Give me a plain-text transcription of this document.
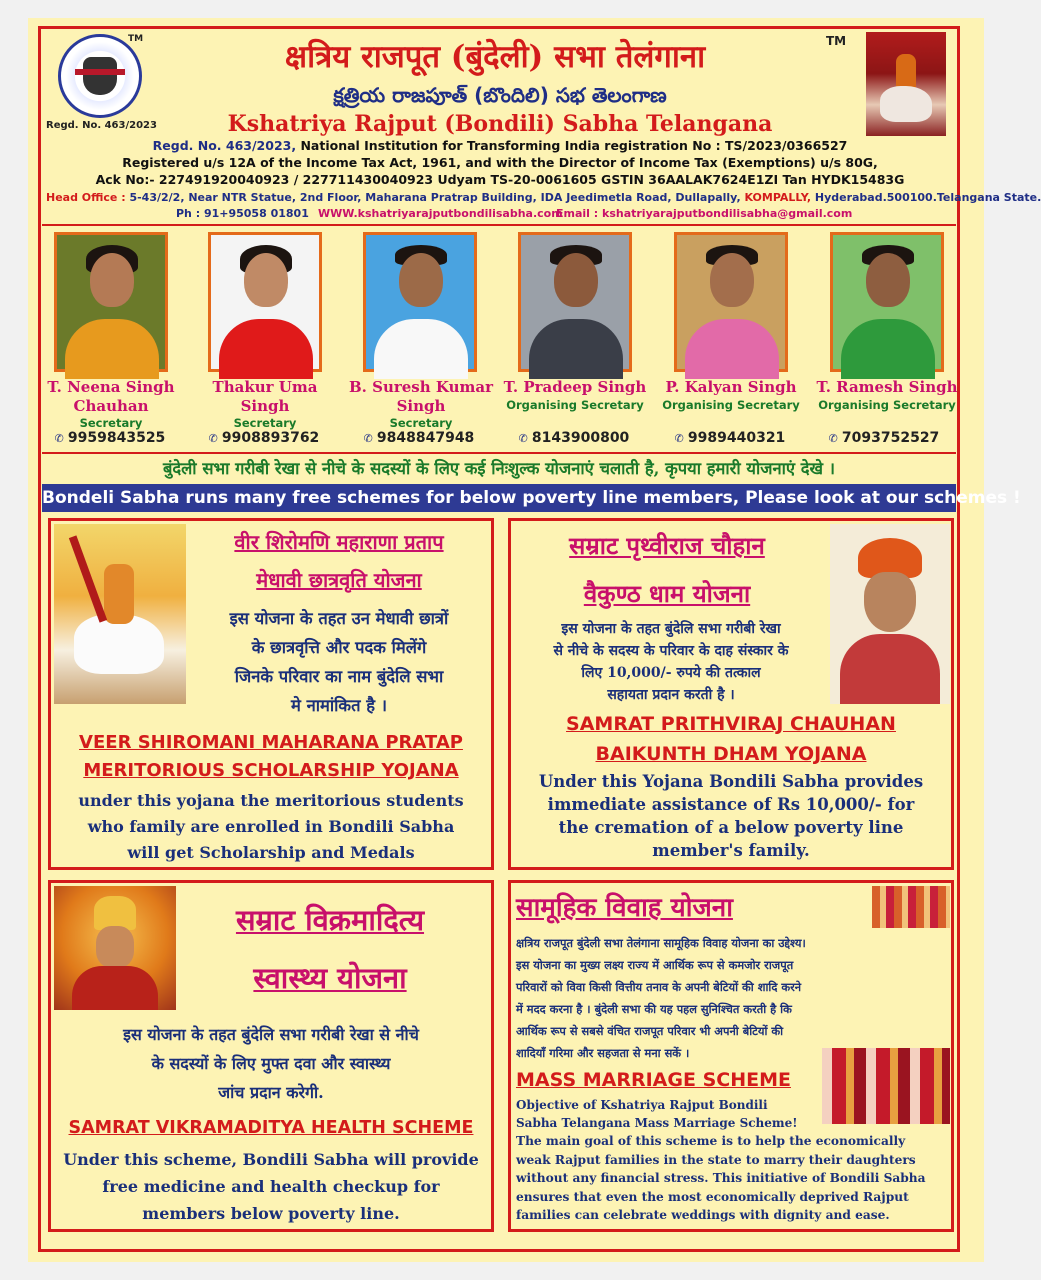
TM
Regd. No. 463/2023
क्षत्रिय राजपूत (बुंदेली) सभा तेलंगाना	TM
క్షత్రియ రాజపూత్ (బొందిలి) సభ తెలంగాణ
Kshatriya Rajput (Bondili) Sabha Telangana
Regd. No. 463/2023, National Institution for Transforming India registration No : TS/2023/0366527
Registered u/s 12A of the Income Tax Act, 1961, and with the Director of Income Tax (Exemptions) u/s 80G,
Ack No:- 227491920040923 / 227711430040923 Udyam TS-20-0061605 GSTIN 36AALAK7624E1ZI Tan HYDK15483G
Head Office : 5-43/2/2, Near NTR Statue, 2nd Floor, Maharana Pratrap Building, IDA Jeedimetla Road, Dullapally, KOMPALLY, Hyderabad.500100.Telangana State.
Ph : 91+95058 01801 WWW.kshatriyarajputbondilisabha.com
Email : kshatriyarajputbondilisabha@gmail.com
T. Neena Singh Chauhan
Secretary
✆ 9959843525
Thakur Uma Singh
Secretary
✆ 9908893762
B. Suresh Kumar Singh
Secretary
✆ 9848847948
T. Pradeep Singh
Organising Secretary
✆ 8143900800
P. Kalyan Singh
Organising Secretary
✆ 9989440321
T. Ramesh Singh
Organising Secretary
✆ 7093752527
बुंदेली सभा गरीबी रेखा से नीचे के सदस्यों के लिए कई निःशुल्क योजनाएं चलाती है, कृपया हमारी योजनाएं देखे ।
Bondeli Sabha runs many free schemes for below poverty line members, Please look at our schemes !
वीर शिरोमणि महाराणा प्रताप
मेधावी छात्रवृति योजना
इस योजना के तहत उन मेधावी छात्रों
के छात्रवृत्ति और पदक मिलेंगे
जिनके परिवार का नाम बुंदेलि सभा
मे नामांकित है ।
VEER SHIROMANI MAHARANA PRATAP
MERITORIOUS SCHOLARSHIP YOJANA
under this yojana the meritorious students
who family are enrolled in Bondili Sabha
will get Scholarship and Medals
सम्राट पृथ्वीराज चौहान
वैकुण्ठ धाम योजना
इस योजना के तहत बुंदेलि सभा गरीबी रेखा
से नीचे के सदस्य के परिवार के दाह संस्कार के
लिए 10,000/- रुपये की तत्काल
सहायता प्रदान करती है ।
SAMRAT PRITHVIRAJ CHAUHAN
BAIKUNTH DHAM YOJANA
Under this Yojana Bondili Sabha provides
immediate assistance of Rs 10,000/- for
the cremation of a below poverty line
member's family.
सम्राट विक्रमादित्य
स्वास्थ्य योजना
इस योजना के तहत बुंदेलि सभा गरीबी रेखा से नीचे
के सदस्यों के लिए मुफ्त दवा और स्वास्थ्य
जांच प्रदान करेगी.
SAMRAT VIKRAMADITYA HEALTH SCHEME
Under this scheme, Bondili Sabha will provide
free medicine and health checkup for
members below poverty line.
सामूहिक विवाह योजना
क्षत्रिय राजपूत बुंदेली सभा तेलंगाना सामूहिक विवाह योजना का उद्देश्य।
इस योजना का मुख्य लक्ष्य राज्य में आर्थिक रूप से कमजोर राजपूत
परिवारों को विवा किसी वित्तीय तनाव के अपनी बेटियों की शादि करने
में मदद करना है । बुंदेली सभा की यह पहल सुनिश्चित करती है कि
आर्थिक रूप से सबसे वंचित राजपूत परिवार भी अपनी बेटियों की
शादियाँ गरिमा और सहजता से मना सकें ।
MASS MARRIAGE SCHEME
Objective of Kshatriya Rajput Bondili
Sabha Telangana Mass Marriage Scheme!
The main goal of this scheme is to help the economically
weak Rajput families in the state to marry their daughters
without any financial stress. This initiative of Bondili Sabha
ensures that even the most economically deprived Rajput
families can celebrate weddings with dignity and ease.
